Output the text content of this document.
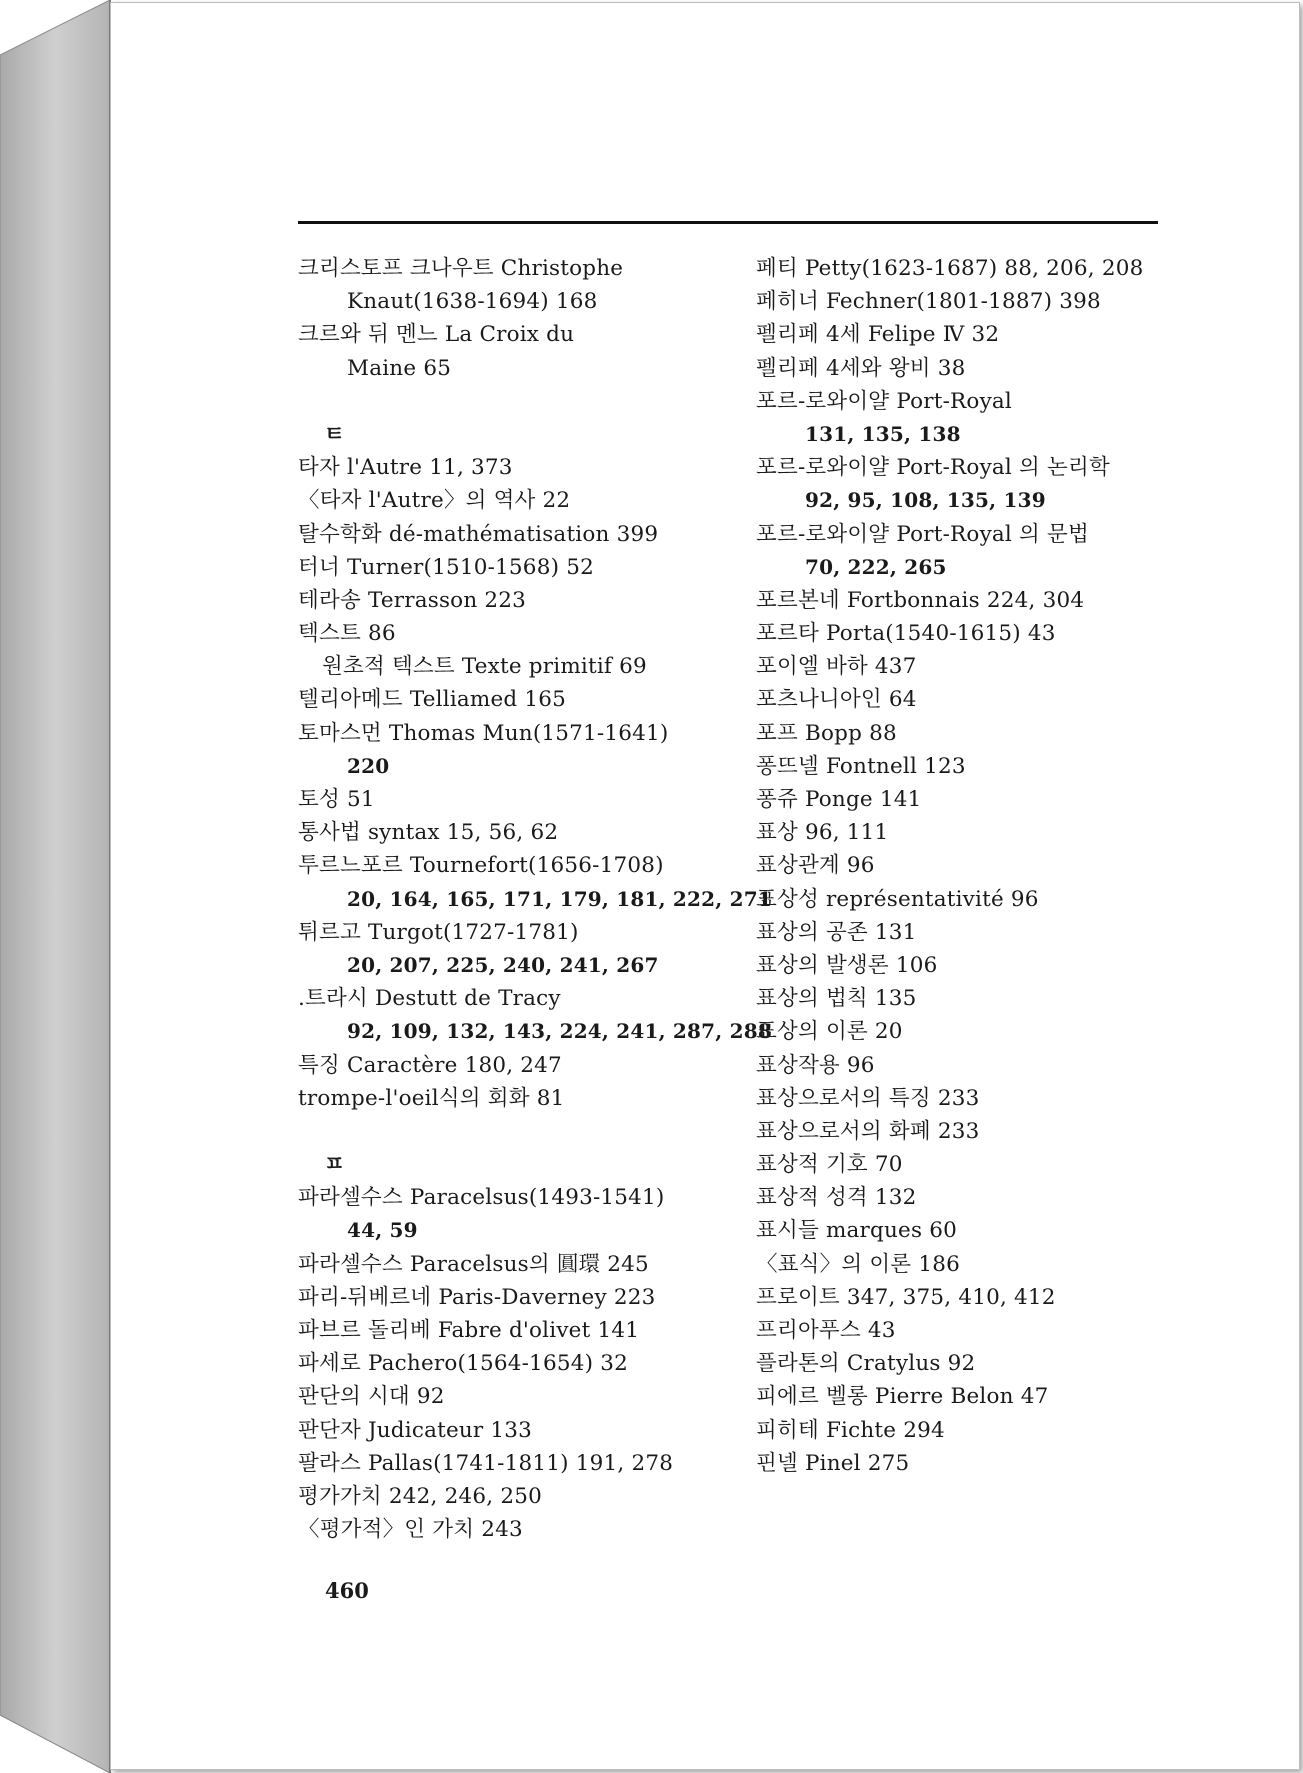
크리스토프 크나우트 Christophe
Knaut(1638-1694) 168
크르와 뒤 멘느 La Croix du
Maine 65
ㅌ
타자 l'Autre 11, 373
〈타자 l'Autre〉의 역사 22
탈수학화 dé-mathématisation 399
터너 Turner(1510-1568) 52
테라송 Terrasson 223
텍스트 86
원초적 텍스트 Texte primitif 69
텔리아메드 Telliamed 165
토마스먼 Thomas Mun(1571-1641)
220
토성 51
통사법 syntax 15, 56, 62
투르느포르 Tournefort(1656-1708)
20, 164, 165, 171, 179, 181, 222, 271
튀르고 Turgot(1727-1781)
20, 207, 225, 240, 241, 267
.트라시 Destutt de Tracy
92, 109, 132, 143, 224, 241, 287, 288
특징 Caractère 180, 247
trompe-l'oeil식의 회화 81
ㅍ
파라셀수스 Paracelsus(1493-1541)
44, 59
파라셀수스 Paracelsus의 圓環 245
파리-뒤베르네 Paris-Daverney 223
파브르 돌리베 Fabre d'olivet 141
파세로 Pachero(1564-1654) 32
판단의 시대 92
판단자 Judicateur 133
팔라스 Pallas(1741-1811) 191, 278
평가가치 242, 246, 250
〈평가적〉인 가치 243
페티 Petty(1623-1687) 88, 206, 208
페히너 Fechner(1801-1887) 398
펠리페 4세 Felipe Ⅳ 32
펠리페 4세와 왕비 38
포르-로와이얄 Port-Royal
131, 135, 138
포르-로와이얄 Port-Royal 의 논리학
92, 95, 108, 135, 139
포르-로와이얄 Port-Royal 의 문법
70, 222, 265
포르본네 Fortbonnais 224, 304
포르타 Porta(1540-1615) 43
포이엘 바하 437
포츠나니아인 64
포프 Bopp 88
퐁뜨넬 Fontnell 123
퐁쥬 Ponge 141
표상 96, 111
표상관계 96
표상성 représentativité 96
표상의 공존 131
표상의 발생론 106
표상의 법칙 135
표상의 이론 20
표상작용 96
표상으로서의 특징 233
표상으로서의 화폐 233
표상적 기호 70
표상적 성격 132
표시들 marques 60
〈표식〉의 이론 186
프로이트 347, 375, 410, 412
프리아푸스 43
플라톤의 Cratylus 92
피에르 벨롱 Pierre Belon 47
피히테 Fichte 294
핀넬 Pinel 275
460
